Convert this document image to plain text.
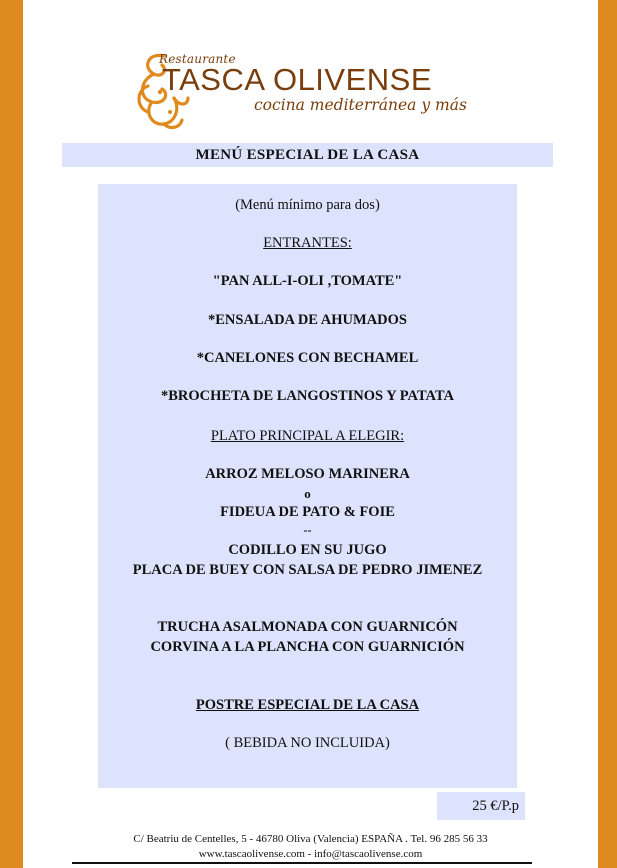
Restaurante
TASCA OLIVENSE
cocina mediterránea y más
MENÚ ESPECIAL DE LA CASA
(Menú mínimo para dos)
ENTRANTES:
"PAN ALL-I-OLI ,TOMATE"
*ENSALADA DE AHUMADOS
*CANELONES CON BECHAMEL
*BROCHETA DE LANGOSTINOS Y PATATA
PLATO PRINCIPAL A ELEGIR:
ARROZ MELOSO MARINERA
o
FIDEUA DE PATO & FOIE
--
CODILLO EN SU JUGO
PLACA DE BUEY CON SALSA DE PEDRO JIMENEZ
TRUCHA ASALMONADA CON GUARNICÓN
CORVINA A LA PLANCHA CON GUARNICIÓN
POSTRE ESPECIAL DE LA CASA
( BEBIDA NO INCLUIDA)
25 €/P.p
C/ Beatriu de Centelles, 5 - 46780 Oliva (Valencia) ESPAÑA . Tel. 96 285 56 33
www.tascaolivense.com - info@tascaolivense.com
